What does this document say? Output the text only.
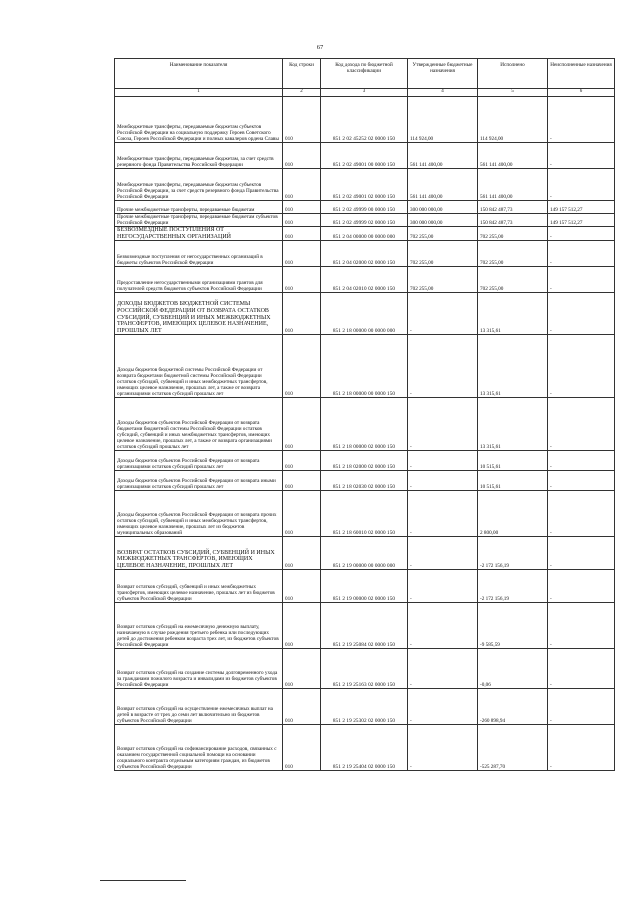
67
Наименование показателя	Код строки	Код дохода по бюджетной классификации	Утвержденные бюджетные назначения	Исполнено	Неисполненные назначения
1	2	3	4	5	6
Межбюджетные трансферты, передаваемые бюджетам субъектов Российской Федерации на социальную поддержку Героев Советского Союза, Героев Российской Федерации и полных кавалеров ордена Славы	010	851 2 02 45252 02 0000 150	114 924,00	114 924,00	-
Межбюджетные трансферты, передаваемые бюджетам, за счет средств резервного фонда Правительства Российской Федерации	010	851 2 02 49001 00 0000 150	561 141 400,00	561 141 400,00	-
Межбюджетные трансферты, передаваемые бюджетам субъектов Российской Федерации, за счет средств резервного фонда Правительства Российской Федерации	010	851 2 02 49001 02 0000 150	561 141 400,00	561 141 400,00	-
Прочие межбюджетные трансферты, передаваемые бюджетам	010	851 2 02 49999 00 0000 150	300 000 000,00	150 842 487,73	149 157 512,27
Прочие межбюджетные трансферты, передаваемые бюджетам субъектов Российской Федерации	010	851 2 02 49999 02 0000 150	300 000 000,00	150 842 487,73	149 157 512,27
БЕЗВОЗМЕЗДНЫЕ ПОСТУПЛЕНИЯ ОТ НЕГОСУДАРСТВЕННЫХ ОРГАНИЗАЦИЙ	010	851 2 04 00000 00 0000 000	702 255,00	702 255,00	-
Безвозмездные поступления от негосударственных организаций в бюджеты субъектов Российской Федерации	010	851 2 04 02000 02 0000 150	702 255,00	702 255,00	-
Предоставление негосударственными организациями грантов для получателей средств бюджетов субъектов Российской Федерации	010	851 2 04 02010 02 0000 150	702 255,00	702 255,00	-
ДОХОДЫ БЮДЖЕТОВ БЮДЖЕТНОЙ СИСТЕМЫ РОССИЙСКОЙ ФЕДЕРАЦИИ ОТ ВОЗВРАТА ОСТАТКОВ СУБСИДИЙ, СУБВЕНЦИЙ И ИНЫХ МЕЖБЮДЖЕТНЫХ ТРАНСФЕРТОВ, ИМЕЮЩИХ ЦЕЛЕВОЕ НАЗНАЧЕНИЕ, ПРОШЛЫХ ЛЕТ	010	851 2 18 00000 00 0000 000	-	13 315,61	-
Доходы бюджетов бюджетной системы Российской Федерации от возврата бюджетами бюджетной системы Российской Федерации остатков субсидий, субвенций и иных межбюджетных трансфертов, имеющих целевое назначение, прошлых лет, а также от возврата организациями остатков субсидий прошлых лет	010	851 2 18 00000 00 0000 150	-	13 315,61	-
Доходы бюджетов субъектов Российской Федерации от возврата бюджетами бюджетной системы Российской Федерации остатков субсидий, субвенций и иных межбюджетных трансфертов, имеющих целевое назначение, прошлых лет, а также от возврата организациями остатков субсидий прошлых лет	010	851 2 18 00000 02 0000 150	-	13 315,61	-
Доходы бюджетов субъектов Российской Федерации от возврата организациями остатков субсидий прошлых лет	010	851 2 18 02000 02 0000 150	-	10 515,61	-
Доходы бюджетов субъектов Российской Федерации от возврата иными организациями остатков субсидий прошлых лет	010	851 2 18 02030 02 0000 150	-	10 515,61	-
Доходы бюджетов субъектов Российской Федерации от возврата прочих остатков субсидий, субвенций и иных межбюджетных трансфертов, имеющих целевое назначение, прошлых лет из бюджетов муниципальных образований	010	851 2 18 60010 02 0000 150	-	2 800,00	-
ВОЗВРАТ ОСТАТКОВ СУБСИДИЙ, СУБВЕНЦИЙ И ИНЫХ МЕЖБЮДЖЕТНЫХ ТРАНСФЕРТОВ, ИМЕЮЩИХ ЦЕЛЕВОЕ НАЗНАЧЕНИЕ, ПРОШЛЫХ ЛЕТ	010	851 2 19 00000 00 0000 000	-	-2 172 156,19	-
Возврат остатков субсидий, субвенций и иных межбюджетных трансфертов, имеющих целевое назначение, прошлых лет из бюджетов субъектов Российской Федерации	010	851 2 19 00000 02 0000 150	-	-2 172 156,19	-
Возврат остатков субсидий на ежемесячную денежную выплату, назначаемую в случае рождения третьего ребенка или последующих детей до достижения ребенком возраста трех лет, из бюджетов субъектов Российской Федерации	010	851 2 19 25084 02 0000 150	-	-9 585,59	-
Возврат остатков субсидий на создание системы долговременного ухода за гражданами пожилого возраста и инвалидами из бюджетов субъектов Российской Федерации	010	851 2 19 25163 02 0000 150	-	-0,06	-
Возврат остатков субсидий на осуществление ежемесячных выплат на детей в возрасте от трех до семи лет включительно из бюджетов субъектов Российской Федерации	010	851 2 19 25302 02 0000 150	-	-260 898,94	-
Возврат остатков субсидий на софинансирование расходов, связанных с оказанием государственной социальной помощи на основании социального контракта отдельным категориям граждан, из бюджетов субъектов Российской Федерации	010	851 2 19 25404 02 0000 150	-	-525 287,70	-
